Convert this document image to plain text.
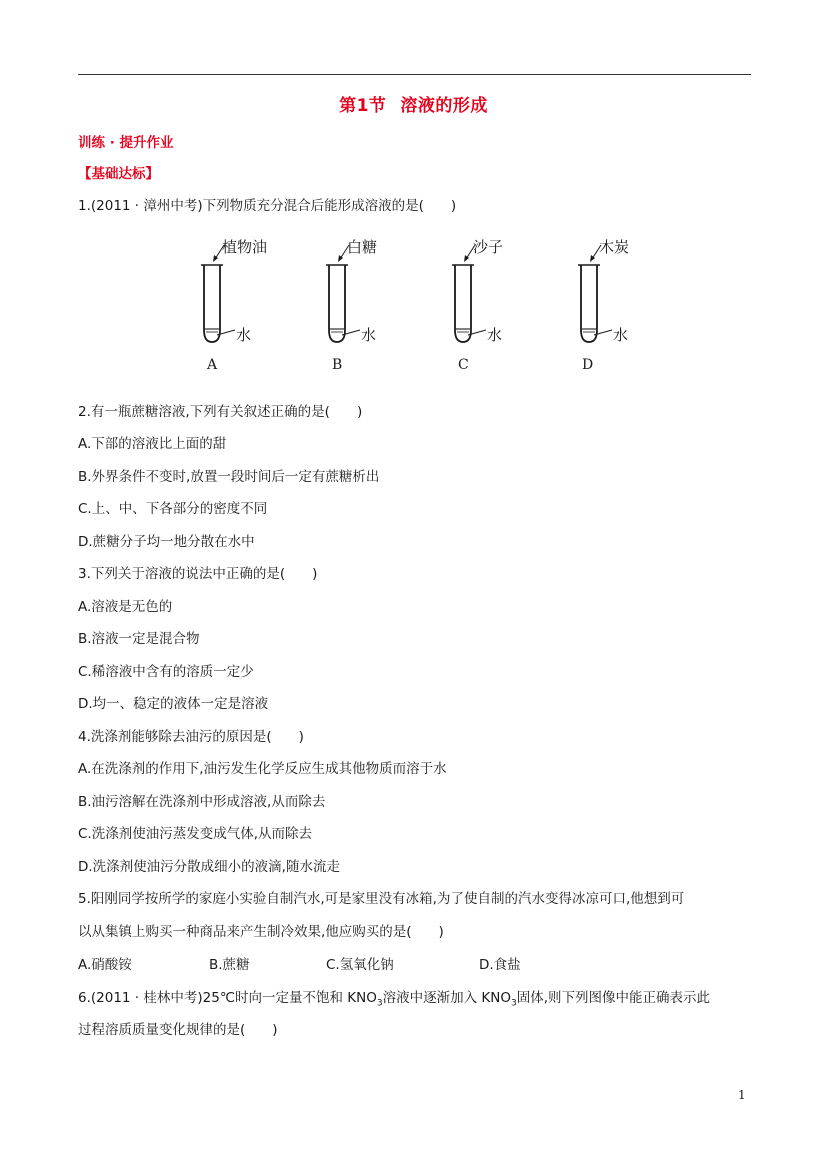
第1节 溶液的形成
训练 · 提升作业
【基础达标】
1.(2011 · 漳州中考)下列物质充分混合后能形成溶液的是(　　)
植物油
水
A
白糖
水
B
沙子
水
C
木炭
水
D
2.有一瓶蔗糖溶液,下列有关叙述正确的是(　　)
A.下部的溶液比上面的甜
B.外界条件不变时,放置一段时间后一定有蔗糖析出
C.上、中、下各部分的密度不同
D.蔗糖分子均一地分散在水中
3.下列关于溶液的说法中正确的是(　　)
A.溶液是无色的
B.溶液一定是混合物
C.稀溶液中含有的溶质一定少
D.均一、稳定的液体一定是溶液
4.洗涤剂能够除去油污的原因是(　　)
A.在洗涤剂的作用下,油污发生化学反应生成其他物质而溶于水
B.油污溶解在洗涤剂中形成溶液,从而除去
C.洗涤剂使油污蒸发变成气体,从而除去
D.洗涤剂使油污分散成细小的液滴,随水流走
5.阳刚同学按所学的家庭小实验自制汽水,可是家里没有冰箱,为了使自制的汽水变得冰凉可口,他想到可
以从集镇上购买一种商品来产生制冷效果,他应购买的是(　　)
A.硝酸铵	B.蔗糖	C.氢氧化钠	D.食盐
6.(2011 · 桂林中考)25℃时向一定量不饱和 $KNO_3$溶液中逐渐加入 $KNO_3$固体,则下列图像中能正确表示此
过程溶质质量变化规律的是(　　)
1
